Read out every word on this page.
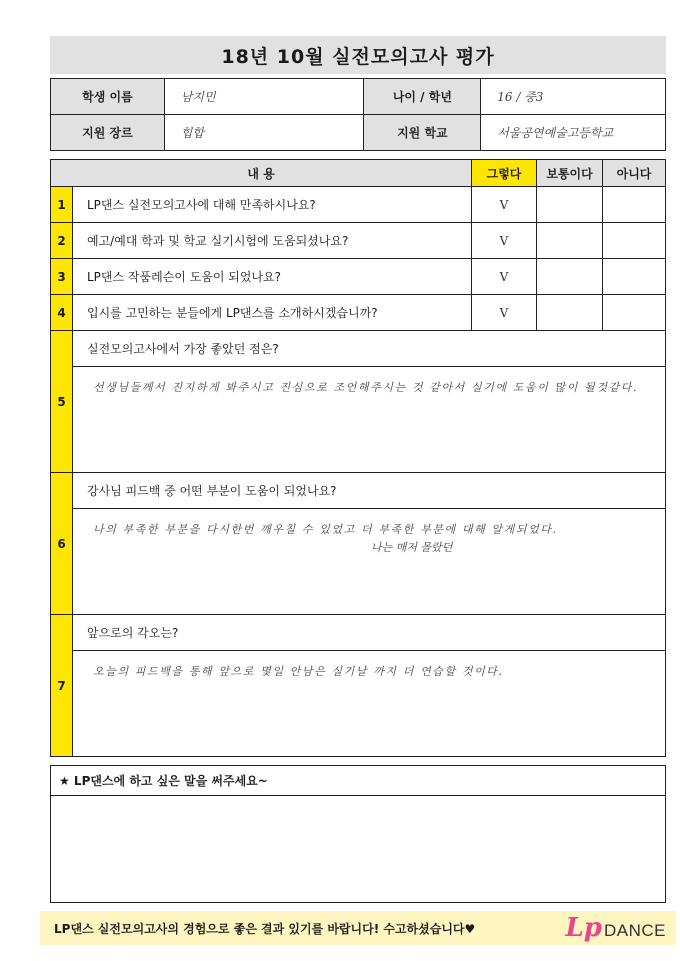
18년 10월 실전모의고사 평가
학생 이름	남지민	나이 / 학년	16 / 중3
지원 장르	힙합	지원 학교	서울공연예술고등학교
내 용		그렇다	보통이다	아니다
1	LP댄스 실전모의고사에 대해 만족하시나요?	V		
2	예고/예대 학과 및 학교 실기시험에 도움되셨나요?	V		
3	LP댄스 작품레슨이 도움이 되었나요?	V		
4	입시를 고민하는 분들에게 LP댄스를 소개하시겠습니까?	V		
5	실전모의고사에서 가장 좋았던 점은?
선생님들께서 진지하게 봐주시고 진심으로 조언해주시는 것 같아서 실기에 도움이 많이 될것같다.			

6	강사님 피드백 중 어떤 부분이 도움이 되었나요?
나의 부족한 부분을 다시한번 깨우칠 수 있었고 더 부족한 부분에 대해 알게되었다.
나는 매저 몰랐던			

7	앞으로의 각오는?
오늘의 피드백을 통해 앞으로 몇일 안남은 실기날 까지 더 연습할 것이다.			
★ LP댄스에 하고 싶은 말을 써주세요~
LP댄스 실전모의고사의 경험으로 좋은 결과 있기를 바랍니다! 수고하셨습니다♥	Lp DANCE
